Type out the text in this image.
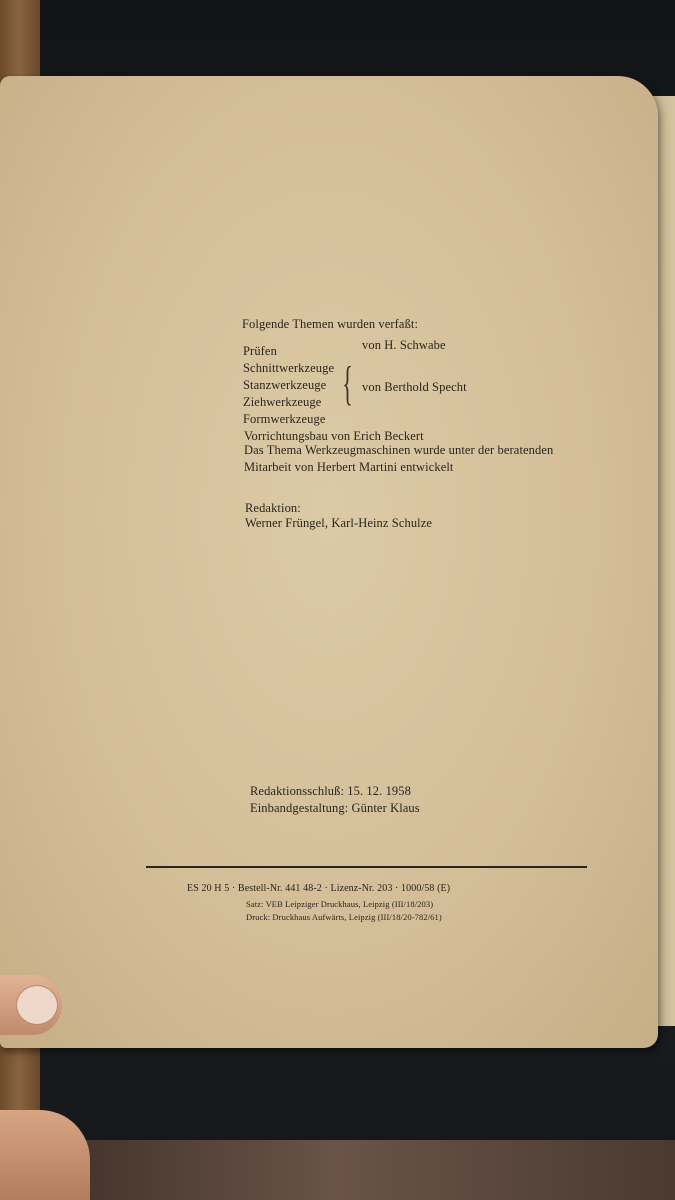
Folgende Themen wurden verfaßt:
Prüfen	von H. Schwabe
Schnittwerkzeuge
Stanzwerkzeuge
Ziehwerkzeuge
Formwerkzeuge
{ von Berthold Specht
Vorrichtungsbau von Erich Beckert
Das Thema Werkzeugmaschinen wurde unter der beratenden
Mitarbeit von Herbert Martini entwickelt
Redaktion:
Werner Früngel, Karl-Heinz Schulze
Redaktionsschluß: 15. 12. 1958
Einbandgestaltung: Günter Klaus
ES 20 H 5 · Bestell-Nr. 441 48-2 · Lizenz-Nr. 203 · 1000/58 (E)
Satz: VEB Leipziger Druckhaus, Leipzig (III/18/203)
Druck: Druckhaus Aufwärts, Leipzig (III/18/20-782/61)
